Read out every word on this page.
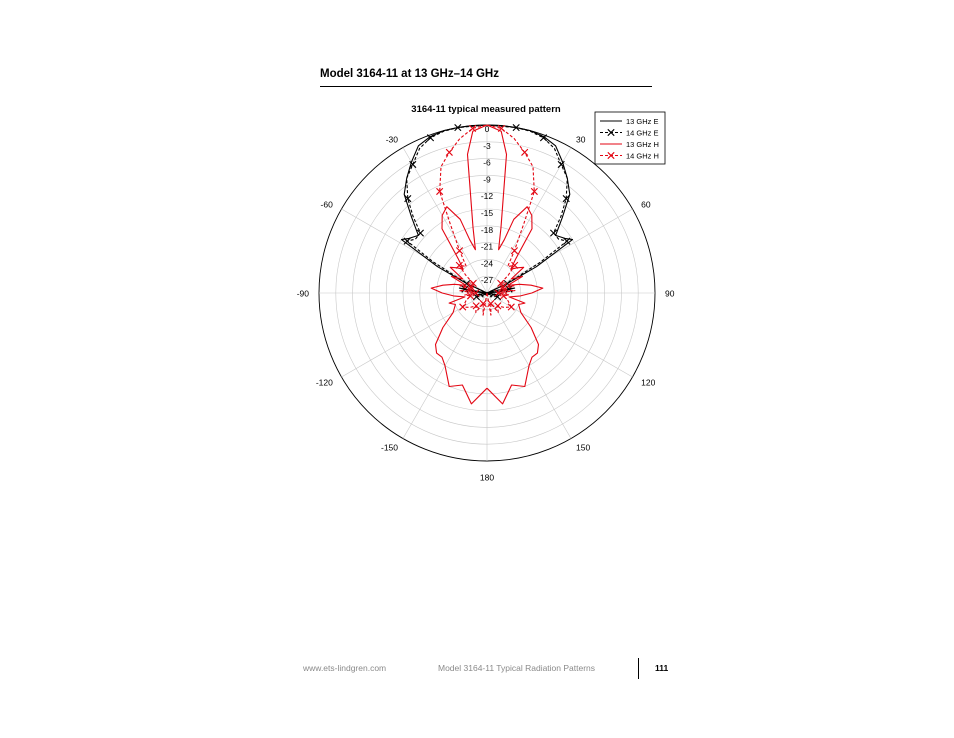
Model 3164-11 at 13 GHz–14 GHz
3164-11 typical measured pattern
30
60
90
120
150
180
-150
-120
-90
-60
-30
0
-3
-6
-9
-12
-15
-18
-21
-24
-27
13 GHz E
14 GHz E
13 GHz H
14 GHz H
www.ets-lindgren.com	Model 3164-11 Typical Radiation Patterns	111
